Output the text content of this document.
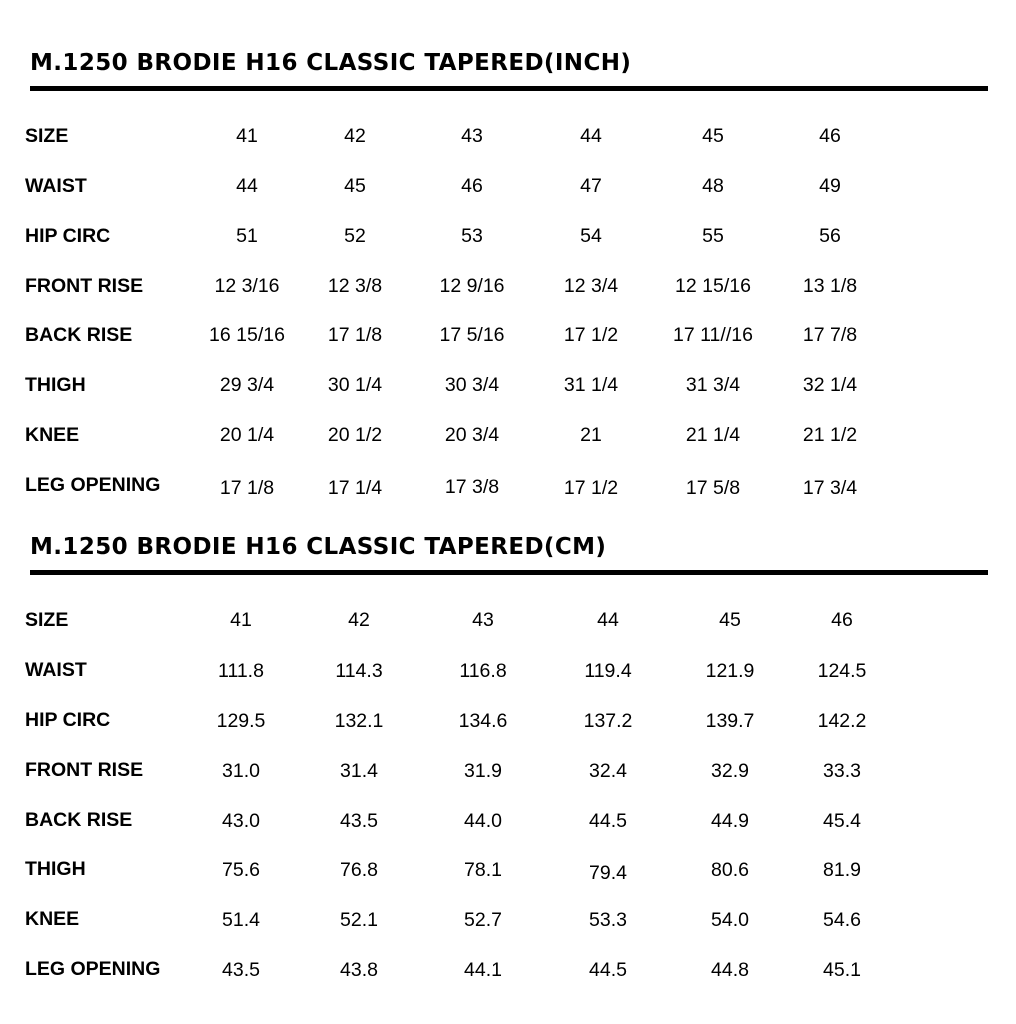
M.1250 BRODIE H16 CLASSIC TAPERED(INCH)
SIZE	41	42	43	44	45	46
WAIST	44	45	46	47	48	49
HIP CIRC	51	52	53	54	55	56
FRONT RISE	12 3/16	12 3/8	12 9/16	12 3/4	12 15/16	13 1/8
BACK RISE	16 15/16	17 1/8	17 5/16	17 1/2	17 11//16	17 7/8
THIGH	29 3/4	30 1/4	30 3/4	31 1/4	31 3/4	32 1/4
KNEE	20 1/4	20 1/2	20 3/4	21	21 1/4	21 1/2
LEG OPENING	17 1/8	17 1/4	17 3/8	17 1/2	17 5/8	17 3/4
M.1250 BRODIE H16 CLASSIC TAPERED(CM)
SIZE	41	42	43	44	45	46
WAIST	111.8	114.3	116.8	119.4	121.9	124.5
HIP CIRC	129.5	132.1	134.6	137.2	139.7	142.2
FRONT RISE	31.0	31.4	31.9	32.4	32.9	33.3
BACK RISE	43.0	43.5	44.0	44.5	44.9	45.4
THIGH	75.6	76.8	78.1	79.4	80.6	81.9
KNEE	51.4	52.1	52.7	53.3	54.0	54.6
LEG OPENING	43.5	43.8	44.1	44.5	44.8	45.1
